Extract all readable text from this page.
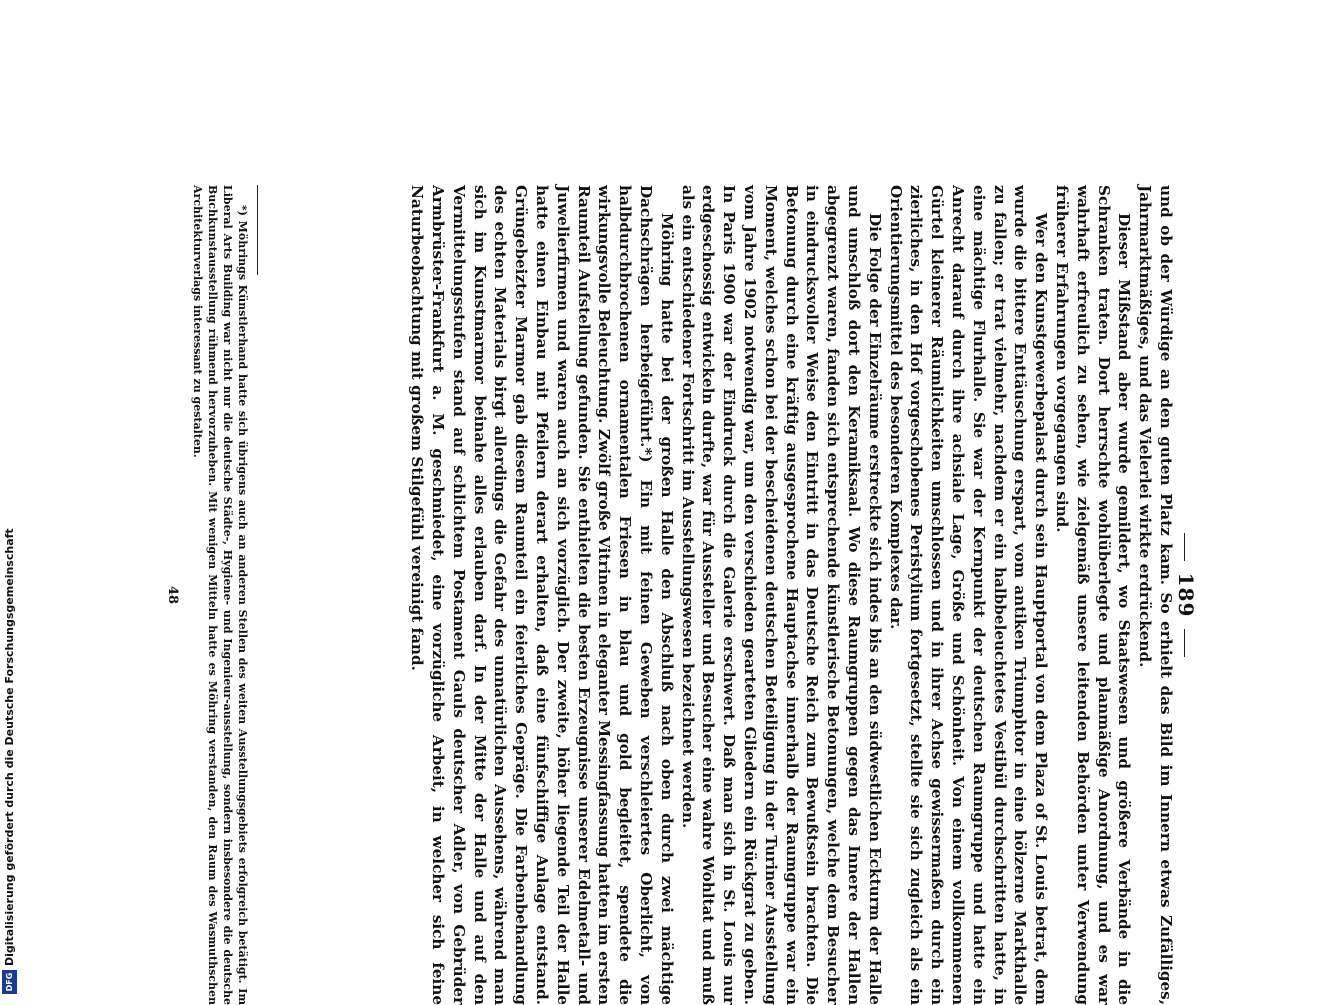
189

und ob der Würdige an den guten Platz kam. So erhielt das Bild im Innern etwas Zufälliges, Jahrmarktmäßiges, und das Vielerlei wirkte erdrückend.

Dieser Mißstand aber wurde gemildert, wo Staatswesen und größere Verbände in die Schranken traten. Dort herrschte wohlüberlegte und planmäßige Anordnung, und es war wahrhaft erfreulich zu sehen, wie zielgemäß unsere leitenden Behörden unter Verwendung früherer Erfahrungen vorgegangen sind.

Wer den Kunstgewerbepalast durch sein Hauptportal von dem Plaza of St. Louis betrat, dem wurde die bittere Enttäuschung erspart, vom antiken Triumphtor in eine hölzerne Markthalle zu fallen; er trat vielmehr, nachdem er ein halbbeleuchtetes Vestibül durchschritten hatte, in eine mächtige Flurhalle. Sie war der Kernpunkt der deutschen Raumgruppe und hatte ein Anrecht darauf durch ihre achsiale Lage, Größe und Schönheit. Von einem vollkommenen Gürtel kleinerer Räumlichkeiten umschlossen und in ihrer Achse gewissermaßen durch ein zierliches, in den Hof vorgeschobenes Peristylium fortgesetzt, stellte sie sich zugleich als ein Orientierungsmittel des besonderen Komplexes dar.

Die Folge der Einzelräume erstreckte sich indes bis an den südwestlichen Eckturm der Halle und umschloß dort den Keramiksaal. Wo diese Raumgruppen gegen das Innere der Hallen abgegrenzt waren, fanden sich entsprechende künstlerische Betonungen, welche dem Besucher in eindrucksvoller Weise den Eintritt in das Deutsche Reich zum Bewußtsein brachten. Die Betonung durch eine kräftig ausgesprochene Hauptachse innerhalb der Raumgruppe war ein Moment, welches schon bei der bescheidenen deutschen Beteiligung in der Turiner Ausstellung vom Jahre 1902 notwendig war, um den verschieden gearteten Gliedern ein Rückgrat zu geben. In Paris 1900 war der Eindruck durch die Galerie erschwert. Daß man sich in St. Louis nur erdgeschossig entwickeln durfte, war für Aussteller und Besucher eine wahre Wohltat und muß als ein entschiedener Fortschritt im Ausstellungswesen bezeichnet werden.

Möhring hatte bei der großen Halle den Abschluß nach oben durch zwei mächtige Dachschrägen herbeigeführt.*) Ein mit feinen Geweben verschleiertes Oberlicht, von halbdurchbrochenen ornamentalen Friesen in blau und gold begleitet, spendete die wirkungsvolle Beleuchtung. Zwölf große Vitrinen in eleganter Messingfassung hatten im ersten Raumteil Aufstellung gefunden. Sie enthielten die besten Erzeugnisse unserer Edelmetall- und Juwelierfirmen und waren auch an sich vorzüglich. Der zweite, höher liegende Teil der Halle hatte einen Einbau mit Pfeilern derart erhalten, daß eine fünfschiffige Anlage entstand. Grüngebeizter Marmor gab diesem Raumteil ein feierliches Gepräge. Die Farbenbehandlung des echten Materials birgt allerdings die Gefahr des unnatürlichen Aussehens, während man sich im Kunstmarmor beinahe alles erlauben darf. In der Mitte der Halle und auf den Vermittelungsstufen stand auf schlichtem Postament Gauls deutscher Adler, von Gebrüder Armbrüster-Frankfurt a. M. geschmiedet, eine vorzügliche Arbeit, in welcher sich feine Naturbeobachtung mit großem Stilgefühl vereinigt fand.

*) Möhrings Künstlerhand hatte sich übrigens auch an anderen Stellen des weiten Ausstellungsgebiets erfolgreich betätigt. Im Liberal Arts Building war nicht nur die deutsche Städte-, Hygiene- und Ingenieur-ausstellung, sondern insbesondere die deutsche Buchkunstausstellung rühmend hervorzuheben. Mit wenigen Mitteln hatte es Möhring verstanden, den Raum des Wasmuthschen Architekturverlags interessant zu gestalten.

48
DFG
Digitalisierung gefördert durch die Deutsche Forschungsgemeinschaft
